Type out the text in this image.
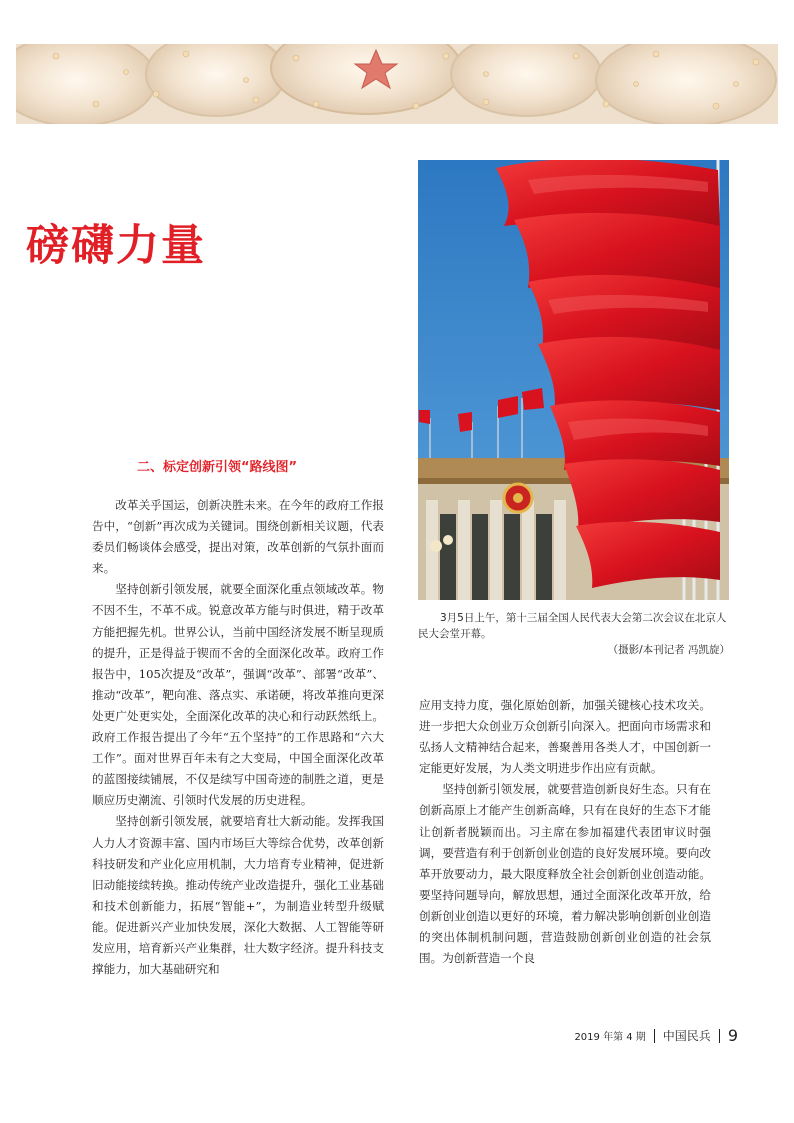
磅礴力量

3月5日上午，第十三届全国人民代表大会第二次会议在北京人民大会堂开幕。
（摄影/本刊记者 冯凯旋）

二、标定创新引领“路线图”

改革关乎国运，创新决胜未来。在今年的政府工作报告中，“创新”再次成为关键词。围绕创新相关议题，代表委员们畅谈体会感受，提出对策，改革创新的气氛扑面而来。

坚持创新引领发展，就要全面深化重点领域改革。物不因不生，不革不成。锐意改革方能与时俱进，精于改革方能把握先机。世界公认，当前中国经济发展不断呈现质的提升，正是得益于锲而不舍的全面深化改革。政府工作报告中，105次提及“改革”，强调“改革”、部署“改革”、推动“改革”，靶向准、落点实、承诺硬，将改革推向更深处更广处更实处，全面深化改革的决心和行动跃然纸上。政府工作报告提出了今年“五个坚持”的工作思路和“六大工作”。面对世界百年未有之大变局，中国全面深化改革的蓝图接续铺展，不仅是续写中国奇迹的制胜之道，更是顺应历史潮流、引领时代发展的历史进程。

坚持创新引领发展，就要培育壮大新动能。发挥我国人力人才资源丰富、国内市场巨大等综合优势，改革创新科技研发和产业化应用机制，大力培育专业精神，促进新旧动能接续转换。推动传统产业改造提升，强化工业基础和技术创新能力，拓展“智能+”，为制造业转型升级赋能。促进新兴产业加快发展，深化大数据、人工智能等研发应用，培育新兴产业集群，壮大数字经济。提升科技支撑能力，加大基础研究和

应用支持力度，强化原始创新，加强关键核心技术攻关。进一步把大众创业万众创新引向深入。把面向市场需求和弘扬人文精神结合起来，善聚善用各类人才，中国创新一定能更好发展，为人类文明进步作出应有贡献。

坚持创新引领发展，就要营造创新良好生态。只有在创新高原上才能产生创新高峰，只有在良好的生态下才能让创新者脱颖而出。习主席在参加福建代表团审议时强调，要营造有利于创新创业创造的良好发展环境。要向改革开放要动力，最大限度释放全社会创新创业创造动能。要坚持问题导向，解放思想，通过全面深化改革开放，给创新创业创造以更好的环境，着力解决影响创新创业创造的突出体制机制问题，营造鼓励创新创业创造的社会氛围。为创新营造一个良

2019 年第 4 期 中国民兵 9
